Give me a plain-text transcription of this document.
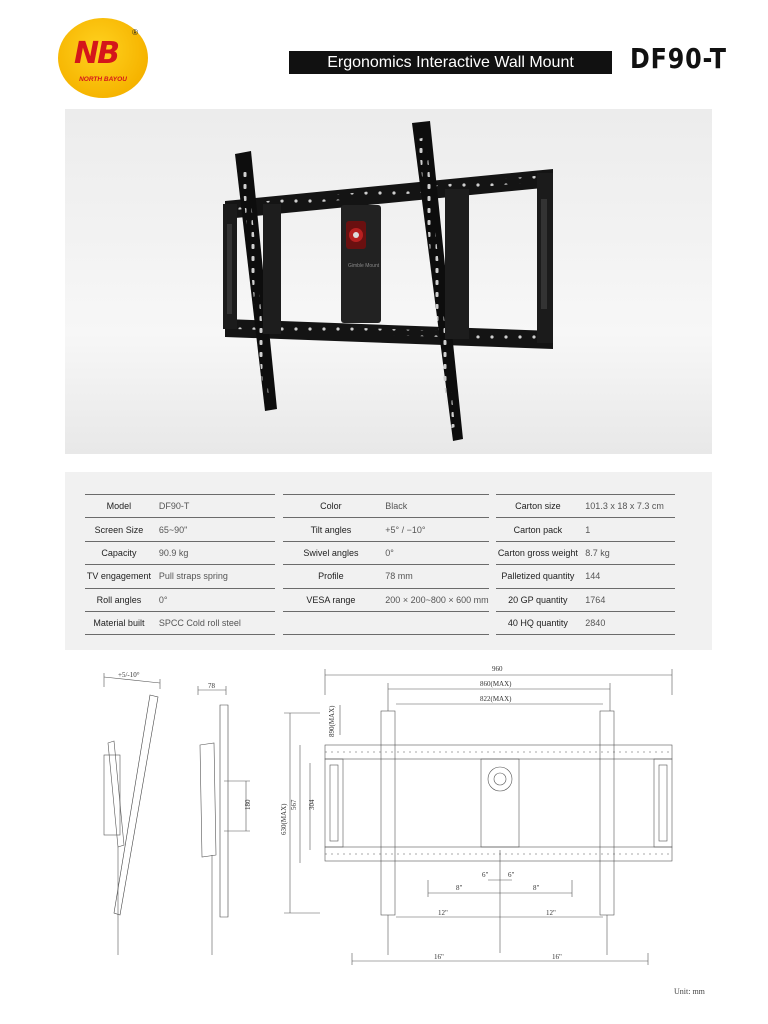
NB
®
NORTH BAYOU
Ergonomics Interactive Wall Mount	DF90-T
Gimble Mount
Model	DF90-T		Color	Black		Carton size	101.3 x 18 x 7.3 cm
Screen Size	65~90"		Tilt angles	+5° / −10°		Carton pack	1
Capacity	90.9 kg		Swivel angles	0°		Carton gross weight	8.7 kg
TV engagement	Pull straps spring		Profile	78 mm		Palletized quantity	144
Roll angles	0°		VESA range	200 × 200~800 × 600 mm		20 GP quantity	1764
Material built	SPCC Cold roll steel					40 HQ quantity	2840
+5/-10°
78
180
960
860(MAX)
822(MAX)
630(MAX) 567 304
890(MAX)
6"	6"
8"	8"
12"	12"
16"	16"
Unit: mm
